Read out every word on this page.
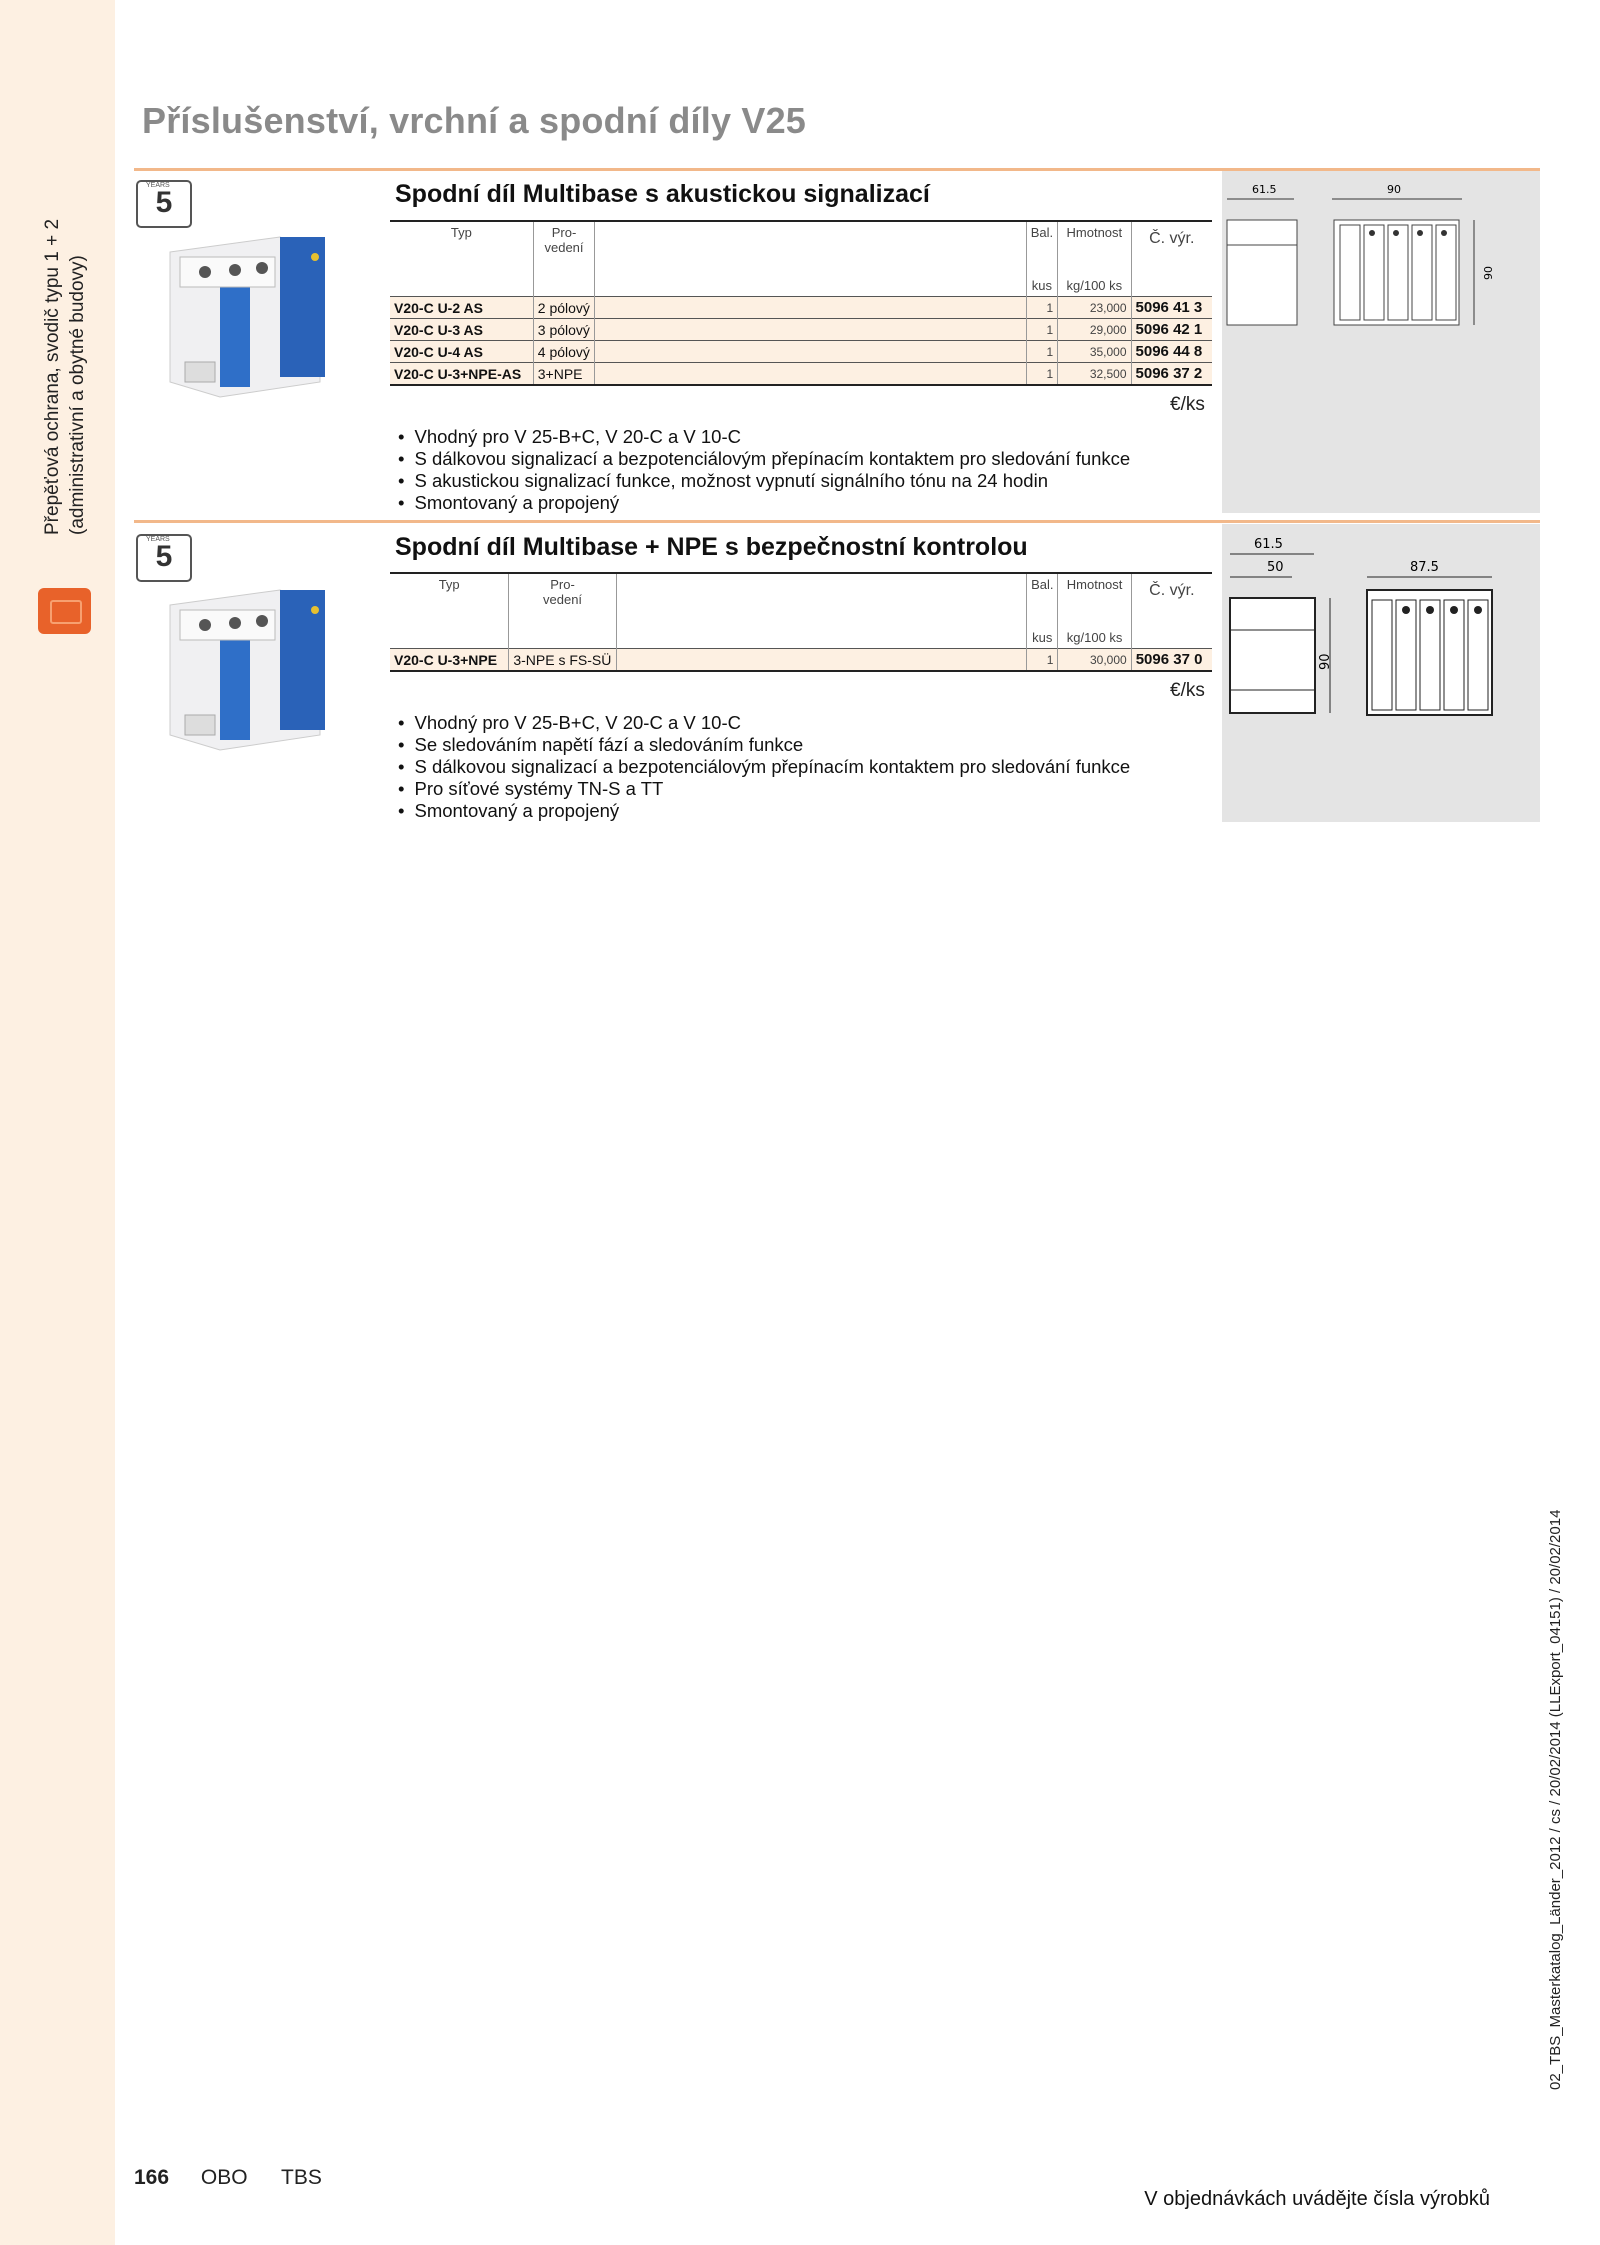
Přepěťová ochrana, svodič typu 1 + 2 (administrativní a obytné budovy)
Příslušenství, vrchní a spodní díly V25
YEARS
5	Spodní díl Multibase s akustickou signalizací
Typ	Pro-
vedení		Bal.	Hmotnost	Č. výr.
			kus	kg/100 ks	
V20-C U-2 AS	2 pólový		1	23,000	5096 41 3
V20-C U-3 AS	3 pólový		1	29,000	5096 42 1
V20-C U-4 AS	4 pólový		1	35,000	5096 44 8
V20-C U-3+NPE-AS	3+NPE		1	32,500	5096 37 2
€/ks
• Vhodný pro V 25-B+C, V 20-C a V 10-C
• S dálkovou signalizací a bezpotenciálovým přepínacím kontaktem pro sledování funkce
• S akustickou signalizací funkce, možnost vypnutí signálního tónu na 24 hodin
• Smontovaný a propojený
61.5	90
90
YEARS
5	Spodní díl Multibase + NPE s bezpečnostní kontrolou
Typ	Pro-
vedení		Bal.	Hmotnost	Č. výr.
			kus	kg/100 ks	
V20-C U-3+NPE	3-NPE s FS-SÜ		1	30,000	5096 37 0
€/ks
• Vhodný pro V 25-B+C, V 20-C a V 10-C
• Se sledováním napětí fází a sledováním funkce
• S dálkovou signalizací a bezpotenciálovým přepínacím kontaktem pro sledování funkce
• Pro síťové systémy TN-S a TT
• Smontovaný a propojený
61.5
50	87.5
90
166 OBO TBS
V objednávkách uvádějte čísla výrobků
02_TBS_Masterkatalog_Länder_2012 / cs / 20/02/2014 (LLExport_04151) / 20/02/2014
